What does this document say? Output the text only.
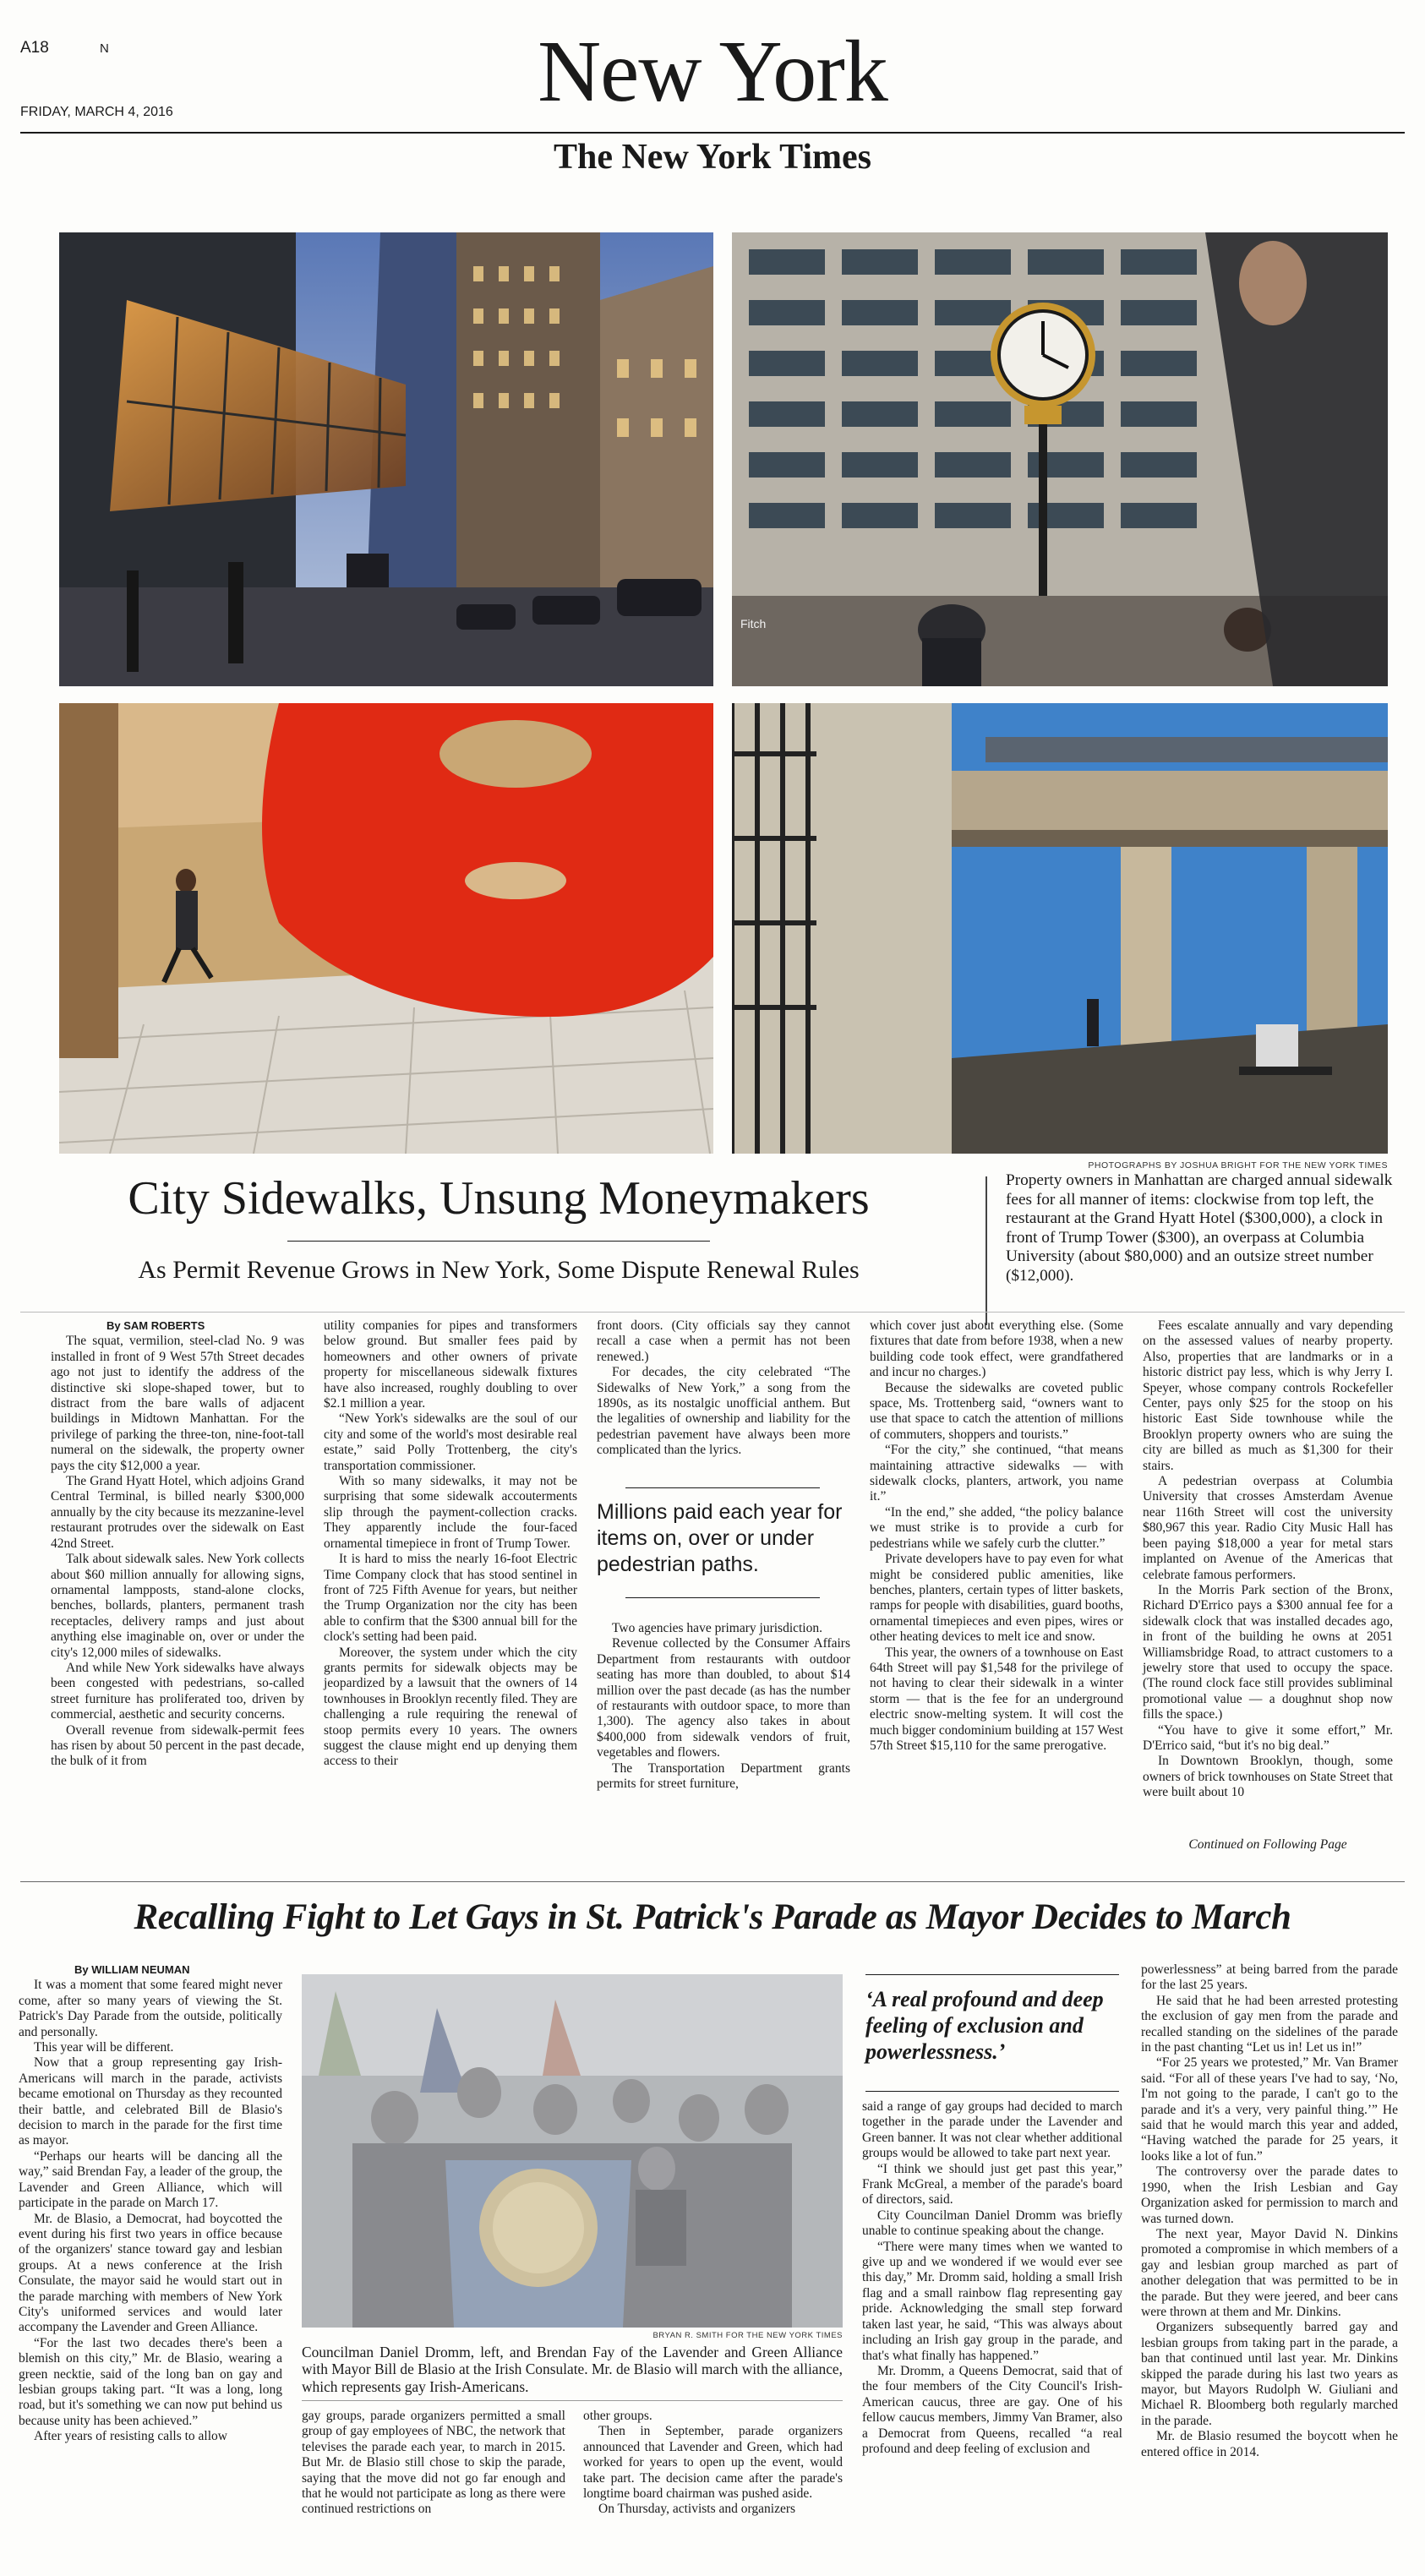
A18	N	New York
FRIDAY, MARCH 4, 2016
The New York Times
Fitch
PHOTOGRAPHS BY JOSHUA BRIGHT FOR THE NEW YORK TIMES
City Sidewalks, Unsung Moneymakers
As Permit Revenue Grows in New York, Some Dispute Renewal Rules
Property owners in Manhattan are charged annual sidewalk fees for all manner of items: clockwise from top left, the restaurant at the Grand Hyatt Hotel ($300,000), a clock in front of Trump Tower ($300), an overpass at Columbia University (about $80,000) and an outsize street number ($12,000).

By SAM ROBERTS

The squat, vermilion, steel-clad No. 9 was installed in front of 9 West 57th Street decades ago not just to identify the address of the distinctive ski slope-shaped tower, but to distract from the bare walls of adjacent buildings in Midtown Manhattan. For the privilege of parking the three-ton, nine-foot-tall numeral on the sidewalk, the property owner pays the city $12,000 a year.

The Grand Hyatt Hotel, which adjoins Grand Central Terminal, is billed nearly $300,000 annually by the city because its mezzanine-level restaurant protrudes over the sidewalk on East 42nd Street.

Talk about sidewalk sales. New York collects about $60 million annually for allowing signs, ornamental lampposts, stand-alone clocks, benches, bollards, planters, permanent trash receptacles, delivery ramps and just about anything else imaginable on, over or under the city's 12,000 miles of sidewalks.

And while New York sidewalks have always been congested with pedestrians, so-called street furniture has proliferated too, driven by commercial, aesthetic and security concerns.

Overall revenue from sidewalk-permit fees has risen by about 50 percent in the past decade, the bulk of it from

utility companies for pipes and transformers below ground. But smaller fees paid by homeowners and other owners of private property for miscellaneous sidewalk fixtures have also increased, roughly doubling to over $2.1 million a year.

“New York's sidewalks are the soul of our city and some of the world's most desirable real estate,” said Polly Trottenberg, the city's transportation commissioner.

With so many sidewalks, it may not be surprising that some sidewalk accouterments slip through the payment-collection cracks. They apparently include the four-faced ornamental timepiece in front of Trump Tower.

It is hard to miss the nearly 16-foot Electric Time Company clock that has stood sentinel in front of 725 Fifth Avenue for years, but neither the Trump Organization nor the city has been able to confirm that the $300 annual bill for the clock's setting had been paid.

Moreover, the system under which the city grants permits for sidewalk objects may be jeopardized by a lawsuit that the owners of 14 townhouses in Brooklyn recently filed. They are challenging a rule requiring the renewal of stoop permits every 10 years. The owners suggest the clause might end up denying them access to their

front doors. (City officials say they cannot recall a case when a permit has not been renewed.)

For decades, the city celebrated “The Sidewalks of New York,” a song from the 1890s, as its nostalgic unofficial anthem. But the legalities of ownership and liability for the pedestrian pavement have always been more complicated than the lyrics.

Millions paid each year for items on, over or under pedestrian paths.

Two agencies have primary jurisdiction.

Revenue collected by the Consumer Affairs Department from restaurants with outdoor seating has more than doubled, to about $14 million over the past decade (as has the number of restaurants with outdoor space, to more than 1,300). The agency also takes in about $400,000 from sidewalk vendors of fruit, vegetables and flowers.

The Transportation Department grants permits for street furniture,

which cover just about everything else. (Some fixtures that date from before 1938, when a new building code took effect, were grandfathered and incur no charges.)

Because the sidewalks are coveted public space, Ms. Trottenberg said, “owners want to use that space to catch the attention of millions of commuters, shoppers and tourists.”

“For the city,” she continued, “that means maintaining attractive sidewalks — with sidewalk clocks, planters, artwork, you name it.”

“In the end,” she added, “the policy balance we must strike is to provide a curb for pedestrians while we safely curb the clutter.”

Private developers have to pay even for what might be considered public amenities, like benches, planters, certain types of litter baskets, ramps for people with disabilities, guard booths, ornamental timepieces and even pipes, wires or other heating devices to melt ice and snow.

This year, the owners of a townhouse on East 64th Street will pay $1,548 for the privilege of not having to clear their sidewalk in a winter storm — that is the fee for an underground electric snow-melting system. It will cost the much bigger condominium building at 157 West 57th Street $15,110 for the same prerogative.

Fees escalate annually and vary depending on the assessed values of nearby property. Also, properties that are landmarks or in a historic district pay less, which is why Jerry I. Speyer, whose company controls Rockefeller Center, pays only $25 for the stoop on his historic East Side townhouse while the Brooklyn property owners who are suing the city are billed as much as $1,300 for their stairs.

A pedestrian overpass at Columbia University that crosses Amsterdam Avenue near 116th Street will cost the university $80,967 this year. Radio City Music Hall has been paying $18,000 a year for metal stars implanted on Avenue of the Americas that celebrate famous performers.

In the Morris Park section of the Bronx, Richard D'Errico pays a $300 annual fee for a sidewalk clock that was installed decades ago, in front of the building he owns at 2051 Williamsbridge Road, to attract customers to a jewelry store that used to occupy the space. (The round clock face still provides subliminal promotional value — a doughnut shop now fills the space.)

“You have to give it some effort,” Mr. D'Errico said, “but it's no big deal.”

In Downtown Brooklyn, though, some owners of brick townhouses on State Street that were built about 10

Continued on Following Page
Recalling Fight to Let Gays in St. Patrick's Parade as Mayor Decides to March

By WILLIAM NEUMAN

It was a moment that some feared might never come, after so many years of viewing the St. Patrick's Day Parade from the outside, politically and personally.

This year will be different.

Now that a group representing gay Irish-Americans will march in the parade, activists became emotional on Thursday as they recounted their battle, and celebrated Bill de Blasio's decision to march in the parade for the first time as mayor.

“Perhaps our hearts will be dancing all the way,” said Brendan Fay, a leader of the group, the Lavender and Green Alliance, which will participate in the parade on March 17.

Mr. de Blasio, a Democrat, had boycotted the event during his first two years in office because of the organizers' stance toward gay and lesbian groups. At a news conference at the Irish Consulate, the mayor said he would start out in the parade marching with members of New York City's uniformed services and would later accompany the Lavender and Green Alliance.

“For the last two decades there's been a blemish on this city,” Mr. de Blasio, wearing a green necktie, said of the long ban on gay and lesbian groups taking part. “It was a long, long road, but it's something we can now put behind us because unity has been achieved.”

After years of resisting calls to allow

BRYAN R. SMITH FOR THE NEW YORK TIMES
Councilman Daniel Dromm, left, and Brendan Fay of the Lavender and Green Alliance with Mayor Bill de Blasio at the Irish Consulate. Mr. de Blasio will march with the alliance, which represents gay Irish-Americans.

gay groups, parade organizers permitted a small group of gay employees of NBC, the network that televises the parade each year, to march in 2015. But Mr. de Blasio still chose to skip the parade, saying that the move did not go far enough and that he would not participate as long as there were continued restrictions on

other groups.

Then in September, parade organizers announced that Lavender and Green, which had worked for years to open up the event, would take part. The decision came after the parade's longtime board chairman was pushed aside.

On Thursday, activists and organizers

‘A real profound and deep feeling of exclusion and powerlessness.’

said a range of gay groups had decided to march together in the parade under the Lavender and Green banner. It was not clear whether additional groups would be allowed to take part next year.

“I think we should just get past this year,” Frank McGreal, a member of the parade's board of directors, said.

City Councilman Daniel Dromm was briefly unable to continue speaking about the change.

“There were many times when we wanted to give up and we wondered if we would ever see this day,” Mr. Dromm said, holding a small Irish flag and a small rainbow flag representing gay pride. Acknowledging the small step forward taken last year, he said, “This was always about including an Irish gay group in the parade, and that's what finally has happened.”

Mr. Dromm, a Queens Democrat, said that of the four members of the City Council's Irish-American caucus, three are gay. One of his fellow caucus members, Jimmy Van Bramer, also a Democrat from Queens, recalled “a real profound and deep feeling of exclusion and

powerlessness” at being barred from the parade for the last 25 years.

He said that he had been arrested protesting the exclusion of gay men from the parade and recalled standing on the sidelines of the parade in the past chanting “Let us in! Let us in!”

“For 25 years we protested,” Mr. Van Bramer said. “For all of these years I've had to say, ‘No, I'm not going to the parade, I can't go to the parade and it's a very, very painful thing.’” He said that he would march this year and added, “Having watched the parade for 25 years, it looks like a lot of fun.”

The controversy over the parade dates to 1990, when the Irish Lesbian and Gay Organization asked for permission to march and was turned down.

The next year, Mayor David N. Dinkins promoted a compromise in which members of a gay and lesbian group marched as part of another delegation that was permitted to be in the parade. But they were jeered, and beer cans were thrown at them and Mr. Dinkins.

Organizers subsequently barred gay and lesbian groups from taking part in the parade, a ban that continued until last year. Mr. Dinkins skipped the parade during his last two years as mayor, but Mayors Rudolph W. Giuliani and Michael R. Bloomberg both regularly marched in the parade.

Mr. de Blasio resumed the boycott when he entered office in 2014.
